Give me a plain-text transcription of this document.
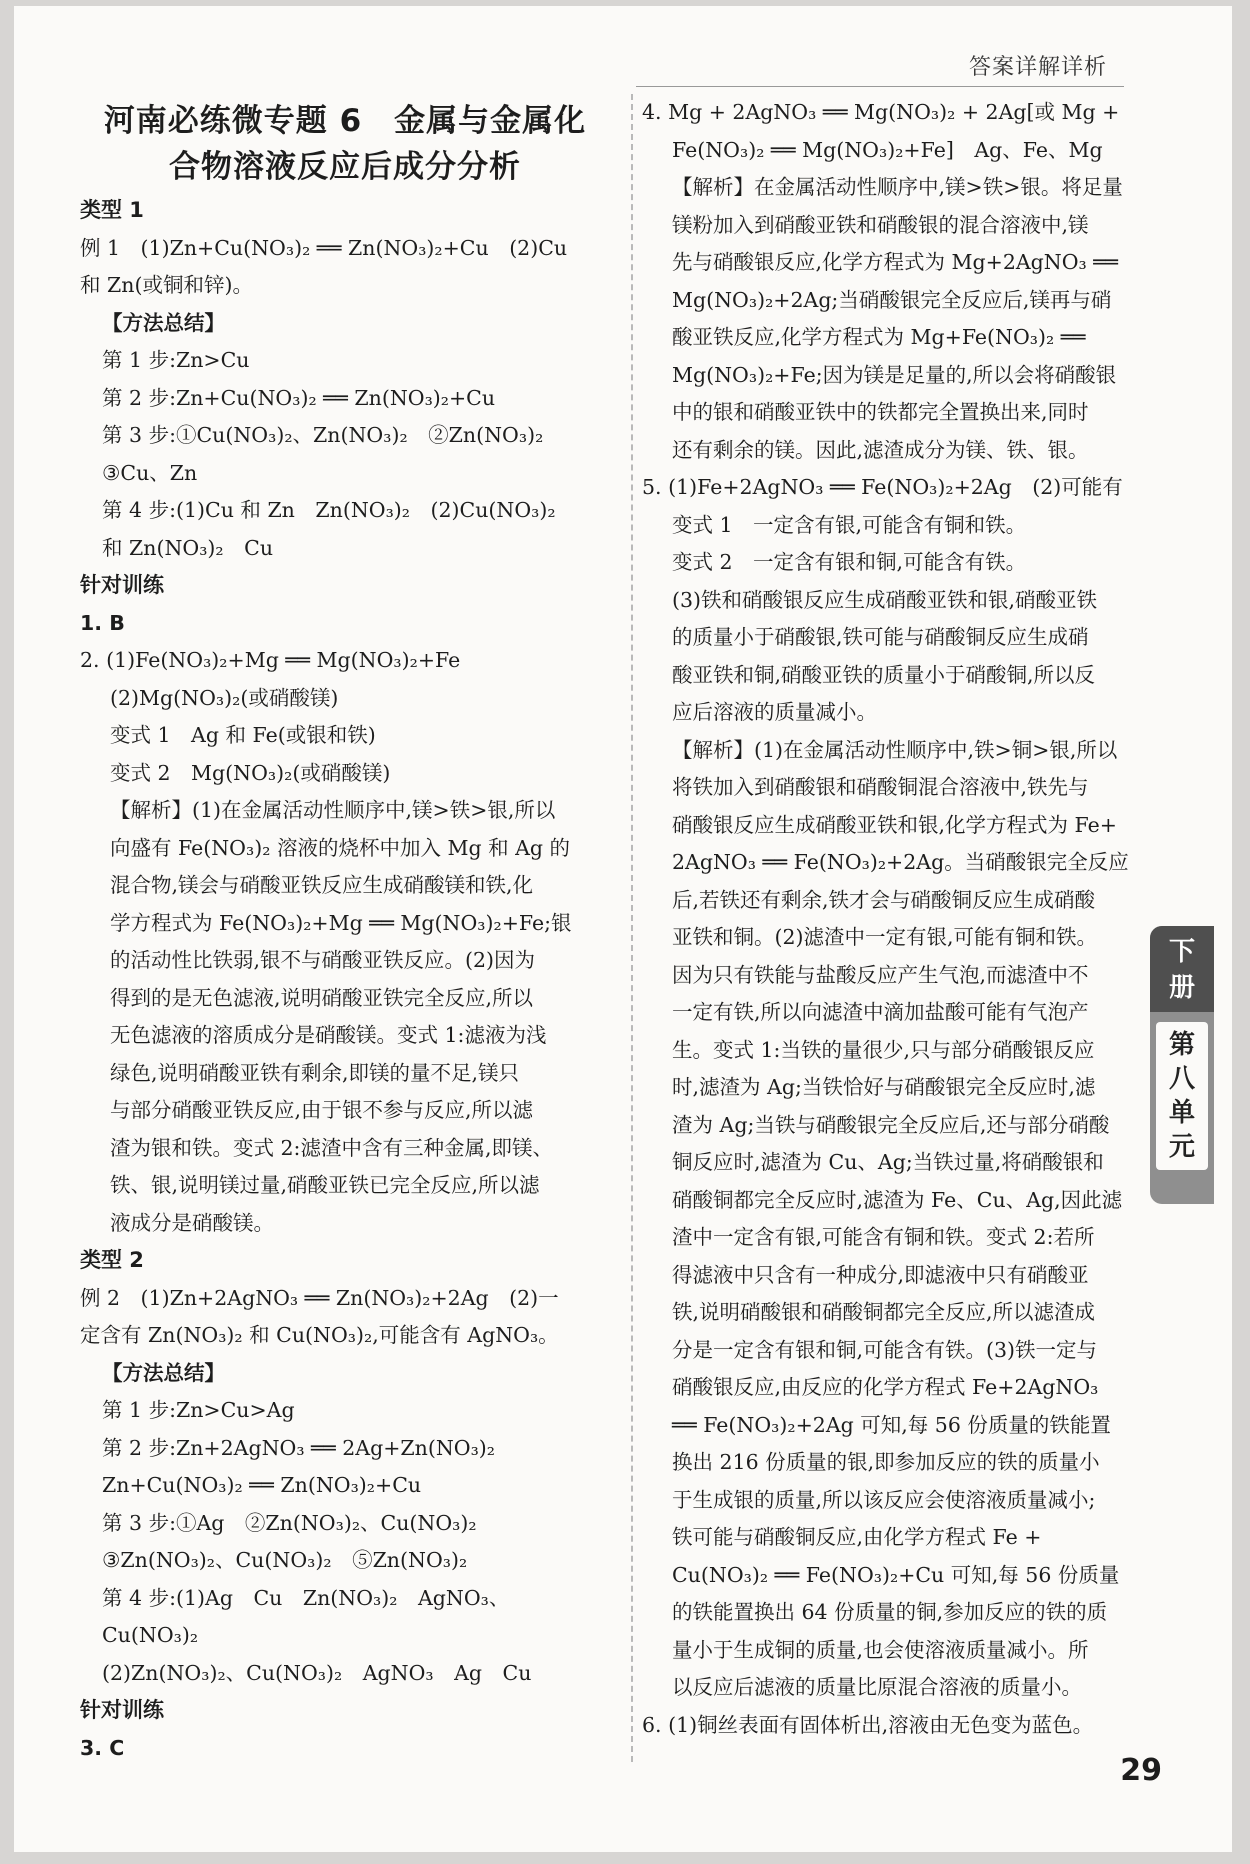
答案详解详析
河南必练微专题 6　金属与金属化
合物溶液反应后成分分析
类型 1
例 1　(1)Zn+Cu(NO₃)₂ ══ Zn(NO₃)₂+Cu　(2)Cu
和 Zn(或铜和锌)。
【方法总结】
第 1 步:Zn>Cu
第 2 步:Zn+Cu(NO₃)₂ ══ Zn(NO₃)₂+Cu
第 3 步:①Cu(NO₃)₂、Zn(NO₃)₂　②Zn(NO₃)₂
③Cu、Zn
第 4 步:(1)Cu 和 Zn　Zn(NO₃)₂　(2)Cu(NO₃)₂
和 Zn(NO₃)₂　Cu
针对训练
1. B
2. (1)Fe(NO₃)₂+Mg ══ Mg(NO₃)₂+Fe
(2)Mg(NO₃)₂(或硝酸镁)
变式 1　Ag 和 Fe(或银和铁)
变式 2　Mg(NO₃)₂(或硝酸镁)
【解析】(1)在金属活动性顺序中,镁>铁>银,所以
向盛有 Fe(NO₃)₂ 溶液的烧杯中加入 Mg 和 Ag 的
混合物,镁会与硝酸亚铁反应生成硝酸镁和铁,化
学方程式为 Fe(NO₃)₂+Mg ══ Mg(NO₃)₂+Fe;银
的活动性比铁弱,银不与硝酸亚铁反应。(2)因为
得到的是无色滤液,说明硝酸亚铁完全反应,所以
无色滤液的溶质成分是硝酸镁。变式 1:滤液为浅
绿色,说明硝酸亚铁有剩余,即镁的量不足,镁只
与部分硝酸亚铁反应,由于银不参与反应,所以滤
渣为银和铁。变式 2:滤渣中含有三种金属,即镁、
铁、银,说明镁过量,硝酸亚铁已完全反应,所以滤
液成分是硝酸镁。
类型 2
例 2　(1)Zn+2AgNO₃ ══ Zn(NO₃)₂+2Ag　(2)一
定含有 Zn(NO₃)₂ 和 Cu(NO₃)₂,可能含有 AgNO₃。
【方法总结】
第 1 步:Zn>Cu>Ag
第 2 步:Zn+2AgNO₃ ══ 2Ag+Zn(NO₃)₂
Zn+Cu(NO₃)₂ ══ Zn(NO₃)₂+Cu
第 3 步:①Ag　②Zn(NO₃)₂、Cu(NO₃)₂
③Zn(NO₃)₂、Cu(NO₃)₂　⑤Zn(NO₃)₂
第 4 步:(1)Ag　Cu　Zn(NO₃)₂　AgNO₃、
Cu(NO₃)₂
(2)Zn(NO₃)₂、Cu(NO₃)₂　AgNO₃　Ag　Cu
针对训练
3. C
4. Mg + 2AgNO₃ ══ Mg(NO₃)₂ + 2Ag[或 Mg +
Fe(NO₃)₂ ══ Mg(NO₃)₂+Fe]　Ag、Fe、Mg
【解析】在金属活动性顺序中,镁>铁>银。将足量
镁粉加入到硝酸亚铁和硝酸银的混合溶液中,镁
先与硝酸银反应,化学方程式为 Mg+2AgNO₃ ══
Mg(NO₃)₂+2Ag;当硝酸银完全反应后,镁再与硝
酸亚铁反应,化学方程式为 Mg+Fe(NO₃)₂ ══
Mg(NO₃)₂+Fe;因为镁是足量的,所以会将硝酸银
中的银和硝酸亚铁中的铁都完全置换出来,同时
还有剩余的镁。因此,滤渣成分为镁、铁、银。
5. (1)Fe+2AgNO₃ ══ Fe(NO₃)₂+2Ag　(2)可能有
变式 1　一定含有银,可能含有铜和铁。
变式 2　一定含有银和铜,可能含有铁。
(3)铁和硝酸银反应生成硝酸亚铁和银,硝酸亚铁
的质量小于硝酸银,铁可能与硝酸铜反应生成硝
酸亚铁和铜,硝酸亚铁的质量小于硝酸铜,所以反
应后溶液的质量减小。
【解析】(1)在金属活动性顺序中,铁>铜>银,所以
将铁加入到硝酸银和硝酸铜混合溶液中,铁先与
硝酸银反应生成硝酸亚铁和银,化学方程式为 Fe+
2AgNO₃ ══ Fe(NO₃)₂+2Ag。当硝酸银完全反应
后,若铁还有剩余,铁才会与硝酸铜反应生成硝酸
亚铁和铜。(2)滤渣中一定有银,可能有铜和铁。
因为只有铁能与盐酸反应产生气泡,而滤渣中不
一定有铁,所以向滤渣中滴加盐酸可能有气泡产
生。变式 1:当铁的量很少,只与部分硝酸银反应
时,滤渣为 Ag;当铁恰好与硝酸银完全反应时,滤
渣为 Ag;当铁与硝酸银完全反应后,还与部分硝酸
铜反应时,滤渣为 Cu、Ag;当铁过量,将硝酸银和
硝酸铜都完全反应时,滤渣为 Fe、Cu、Ag,因此滤
渣中一定含有银,可能含有铜和铁。变式 2:若所
得滤液中只含有一种成分,即滤液中只有硝酸亚
铁,说明硝酸银和硝酸铜都完全反应,所以滤渣成
分是一定含有银和铜,可能含有铁。(3)铁一定与
硝酸银反应,由反应的化学方程式 Fe+2AgNO₃
══ Fe(NO₃)₂+2Ag 可知,每 56 份质量的铁能置
换出 216 份质量的银,即参加反应的铁的质量小
于生成银的质量,所以该反应会使溶液质量减小;
铁可能与硝酸铜反应,由化学方程式 Fe +
Cu(NO₃)₂ ══ Fe(NO₃)₂+Cu 可知,每 56 份质量
的铁能置换出 64 份质量的铜,参加反应的铁的质
量小于生成铜的质量,也会使溶液质量减小。所
以反应后滤液的质量比原混合溶液的质量小。
6. (1)铜丝表面有固体析出,溶液由无色变为蓝色。
下
册
第
八
单
元
29
